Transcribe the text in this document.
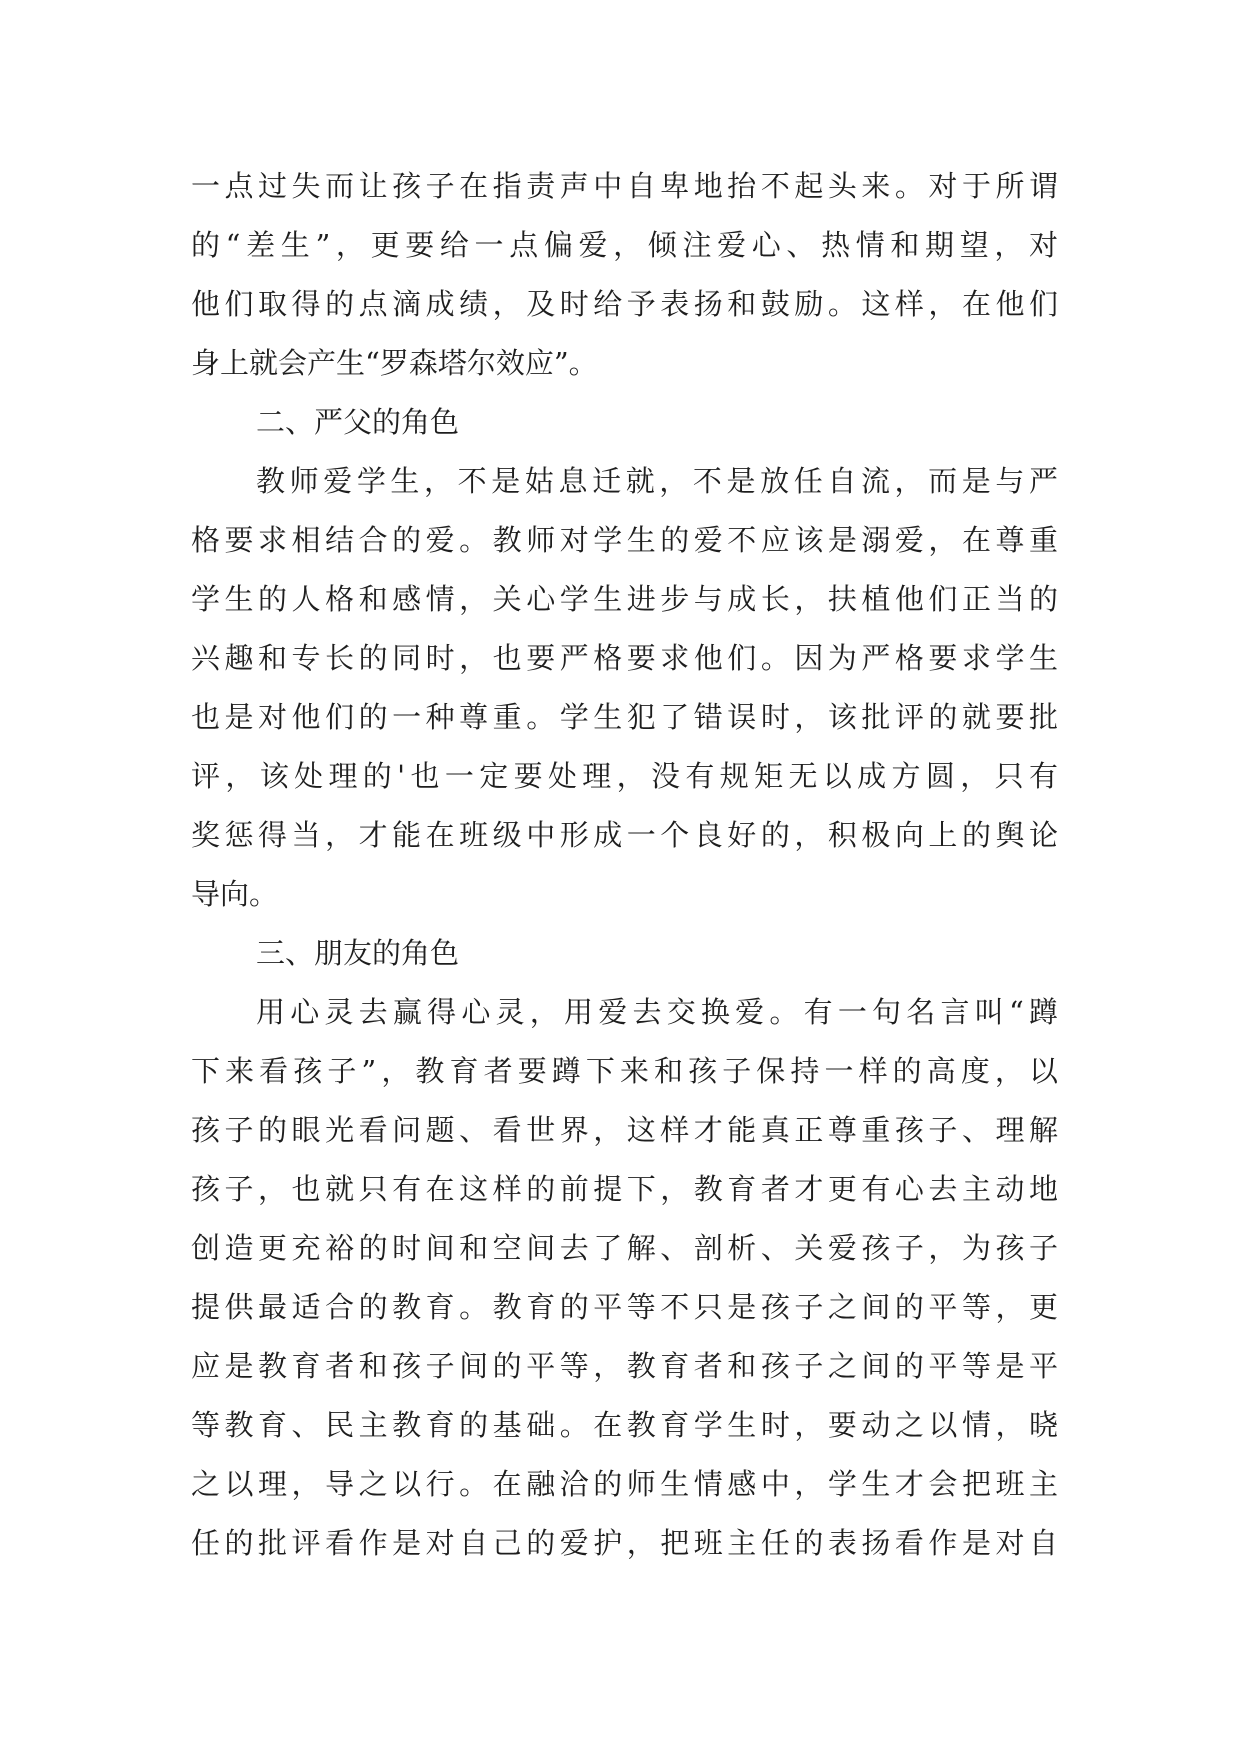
一点过失而让孩子在指责声中自卑地抬不起头来。对于所谓
的“差生”，更要给一点偏爱，倾注爱心、热情和期望，对
他们取得的点滴成绩，及时给予表扬和鼓励。这样，在他们
身上就会产生“罗森塔尔效应”。
二、严父的角色
教师爱学生，不是姑息迁就，不是放任自流，而是与严
格要求相结合的爱。教师对学生的爱不应该是溺爱，在尊重
学生的人格和感情，关心学生进步与成长，扶植他们正当的
兴趣和专长的同时，也要严格要求他们。因为严格要求学生
也是对他们的一种尊重。学生犯了错误时，该批评的就要批
评，该处理的'也一定要处理，没有规矩无以成方圆，只有
奖惩得当，才能在班级中形成一个良好的，积极向上的舆论
导向。
三、朋友的角色
用心灵去赢得心灵，用爱去交换爱。有一句名言叫“蹲
下来看孩子”，教育者要蹲下来和孩子保持一样的高度，以
孩子的眼光看问题、看世界，这样才能真正尊重孩子、理解
孩子，也就只有在这样的前提下，教育者才更有心去主动地
创造更充裕的时间和空间去了解、剖析、关爱孩子，为孩子
提供最适合的教育。教育的平等不只是孩子之间的平等，更
应是教育者和孩子间的平等，教育者和孩子之间的平等是平
等教育、民主教育的基础。在教育学生时，要动之以情，晓
之以理，导之以行。在融洽的师生情感中，学生才会把班主
任的批评看作是对自己的爱护，把班主任的表扬看作是对自
